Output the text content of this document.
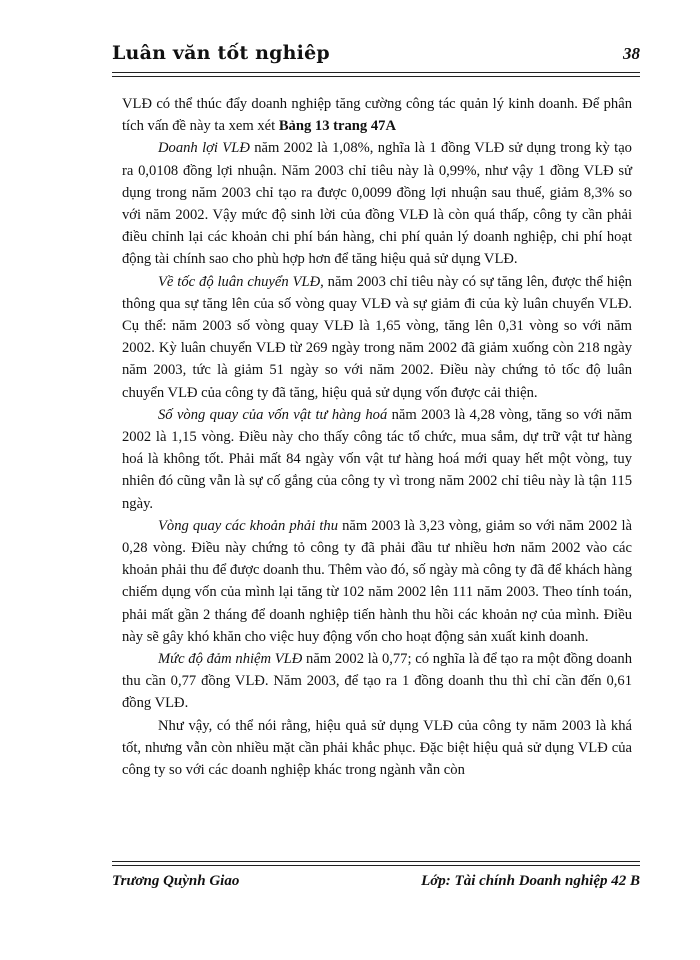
Luân văn tốt nghiêp	38

VLĐ có thể thúc đẩy doanh nghiệp tăng cường công tác quản lý kinh doanh. Để phân tích vấn đề này ta xem xét Bảng 13 trang 47A

Doanh lợi VLĐ năm 2002 là 1,08%, nghĩa là 1 đồng VLĐ sử dụng trong kỳ tạo ra 0,0108 đồng lợi nhuận. Năm 2003 chỉ tiêu này là 0,99%, như vậy 1 đồng VLĐ sử dụng trong năm 2003 chỉ tạo ra được 0,0099 đồng lợi nhuận sau thuế, giảm 8,3% so với năm 2002. Vậy mức độ sinh lời của đồng VLĐ là còn quá thấp, công ty cần phải điều chỉnh lại các khoản chi phí bán hàng, chi phí quản lý doanh nghiệp, chi phí hoạt động tài chính sao cho phù hợp hơn để tăng hiệu quả sử dụng VLĐ.

Về tốc độ luân chuyển VLĐ, năm 2003 chỉ tiêu này có sự tăng lên, được thể hiện thông qua sự tăng lên của số vòng quay VLĐ và sự giảm đi của kỳ luân chuyển VLĐ. Cụ thể: năm 2003 số vòng quay VLĐ là 1,65 vòng, tăng lên 0,31 vòng so với năm 2002. Kỳ luân chuyển VLĐ từ 269 ngày trong năm 2002 đã giảm xuống còn 218 ngày năm 2003, tức là giảm 51 ngày so với năm 2002. Điều này chứng tỏ tốc độ luân chuyển VLĐ của công ty đã tăng, hiệu quả sử dụng vốn được cải thiện.

Số vòng quay của vốn vật tư hàng hoá năm 2003 là 4,28 vòng, tăng so với năm 2002 là 1,15 vòng. Điều này cho thấy công tác tổ chức, mua sắm, dự trữ vật tư hàng hoá là không tốt. Phải mất 84 ngày vốn vật tư hàng hoá mới quay hết một vòng, tuy nhiên đó cũng vẫn là sự cố gắng của công ty vì trong năm 2002 chỉ tiêu này là tận 115 ngày.

Vòng quay các khoản phải thu năm 2003 là 3,23 vòng, giảm so với năm 2002 là 0,28 vòng. Điều này chứng tỏ công ty đã phải đầu tư nhiều hơn năm 2002 vào các khoản phải thu để được doanh thu. Thêm vào đó, số ngày mà công ty đã để khách hàng chiếm dụng vốn của mình lại tăng từ 102 năm 2002 lên 111 năm 2003. Theo tính toán, phải mất gần 2 tháng để doanh nghiệp tiến hành thu hồi các khoản nợ của mình. Điều này sẽ gây khó khăn cho việc huy động vốn cho hoạt động sản xuất kinh doanh.

Mức độ đảm nhiệm VLĐ năm 2002 là 0,77; có nghĩa là để tạo ra một đồng doanh thu cần 0,77 đồng VLĐ. Năm 2003, để tạo ra 1 đồng doanh thu thì chỉ cần đến 0,61 đồng VLĐ.

Như vậy, có thể nói rằng, hiệu quả sử dụng VLĐ của công ty năm 2003 là khá tốt, nhưng vẫn còn nhiều mặt cần phải khắc phục. Đặc biệt hiệu quả sử dụng VLĐ của công ty so với các doanh nghiệp khác trong ngành vẫn còn

Trương Quỳnh Giao	Lớp: Tài chính Doanh nghiệp 42 B
